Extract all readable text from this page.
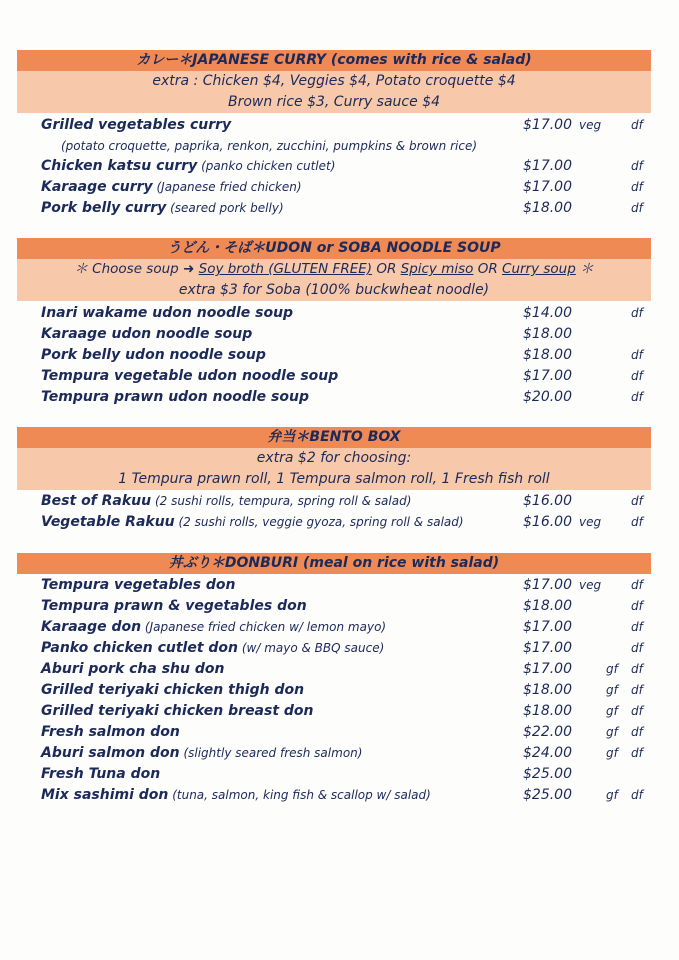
カレー＊JAPANESE CURRY (comes with rice & salad)
extra : Chicken $4, Veggies $4, Potato croquette $4
Brown rice $3, Curry sauce $4
Grilled vegetables curry	$17.00 veg df
(potato croquette, paprika, renkon, zucchini, pumpkins & brown rice)
Chicken katsu curry (panko chicken cutlet)	$17.00	df
Karaage curry (Japanese fried chicken)	$17.00	df
Pork belly curry (seared pork belly)	$18.00	df
うどん・そば＊UDON or SOBA NOODLE SOUP
＊ Choose soup ➜ Soy broth (GLUTEN FREE) OR Spicy miso OR Curry soup ＊
extra $3 for Soba (100% buckwheat noodle)
Inari wakame udon noodle soup	$14.00	df
Karaage udon noodle soup	$18.00
Pork belly udon noodle soup	$18.00	df
Tempura vegetable udon noodle soup	$17.00	df
Tempura prawn udon noodle soup	$20.00	df
弁当＊BENTO BOX
extra $2 for choosing:
1 Tempura prawn roll, 1 Tempura salmon roll, 1 Fresh fish roll
Best of Rakuu (2 sushi rolls, tempura, spring roll & salad)	$16.00	df
Vegetable Rakuu (2 sushi rolls, veggie gyoza, spring roll & salad)	$16.00 veg df
丼ぶり＊DONBURI (meal on rice with salad)
Tempura vegetables don	$17.00 veg df
Tempura prawn & vegetables don	$18.00	df
Karaage don (Japanese fried chicken w/ lemon mayo)	$17.00	df
Panko chicken cutlet don (w/ mayo & BBQ sauce)	$17.00	df
Aburi pork cha shu don	$17.00	gf df
Grilled teriyaki chicken thigh don	$18.00	gf df
Grilled teriyaki chicken breast don	$18.00	gf df
Fresh salmon don	$22.00	gf df
Aburi salmon don (slightly seared fresh salmon)	$24.00	gf df
Fresh Tuna don	$25.00
Mix sashimi don (tuna, salmon, king fish & scallop w/ salad)	$25.00	gf df
